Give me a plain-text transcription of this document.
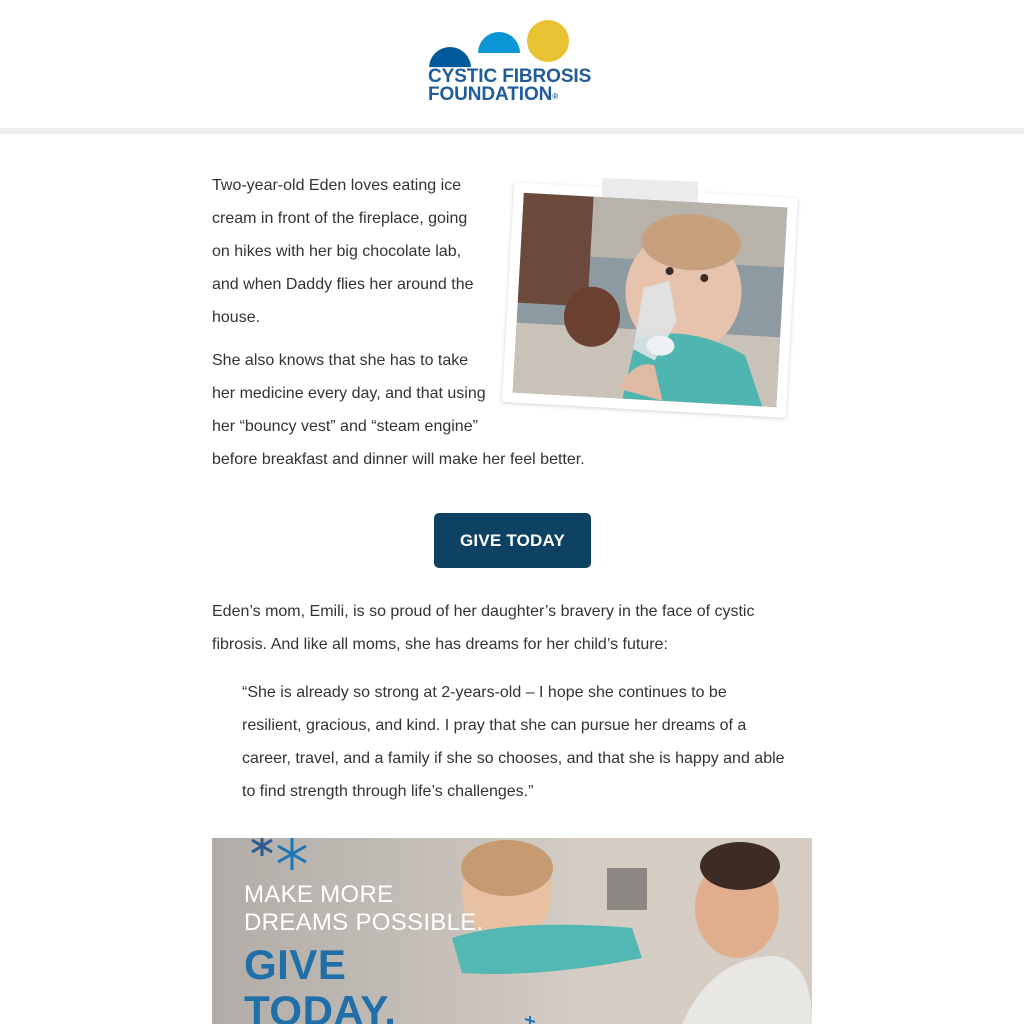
CYSTIC FIBROSIS
FOUNDATION®

Two-year-old Eden loves eating ice cream in front of the fireplace, going on hikes with her big chocolate lab, and when Daddy flies her around the house.

She also knows that she has to take her medicine every day, and that using her “bouncy vest” and “steam engine”
before breakfast and dinner will make her feel better.

GIVE TODAY

Eden’s mom, Emili, is so proud of her daughter’s bravery in the face of cystic fibrosis. And like all moms, she has dreams for her child’s future:

“She is already so strong at 2-years-old – I hope she continues to be resilient, gracious, and kind. I pray that she can pursue her dreams of a career, travel, and a family if she so chooses, and that she is happy and able to find strength through life’s challenges.”
MAKE MORE
DREAMS POSSIBLE.
GIVE
TODAY.
